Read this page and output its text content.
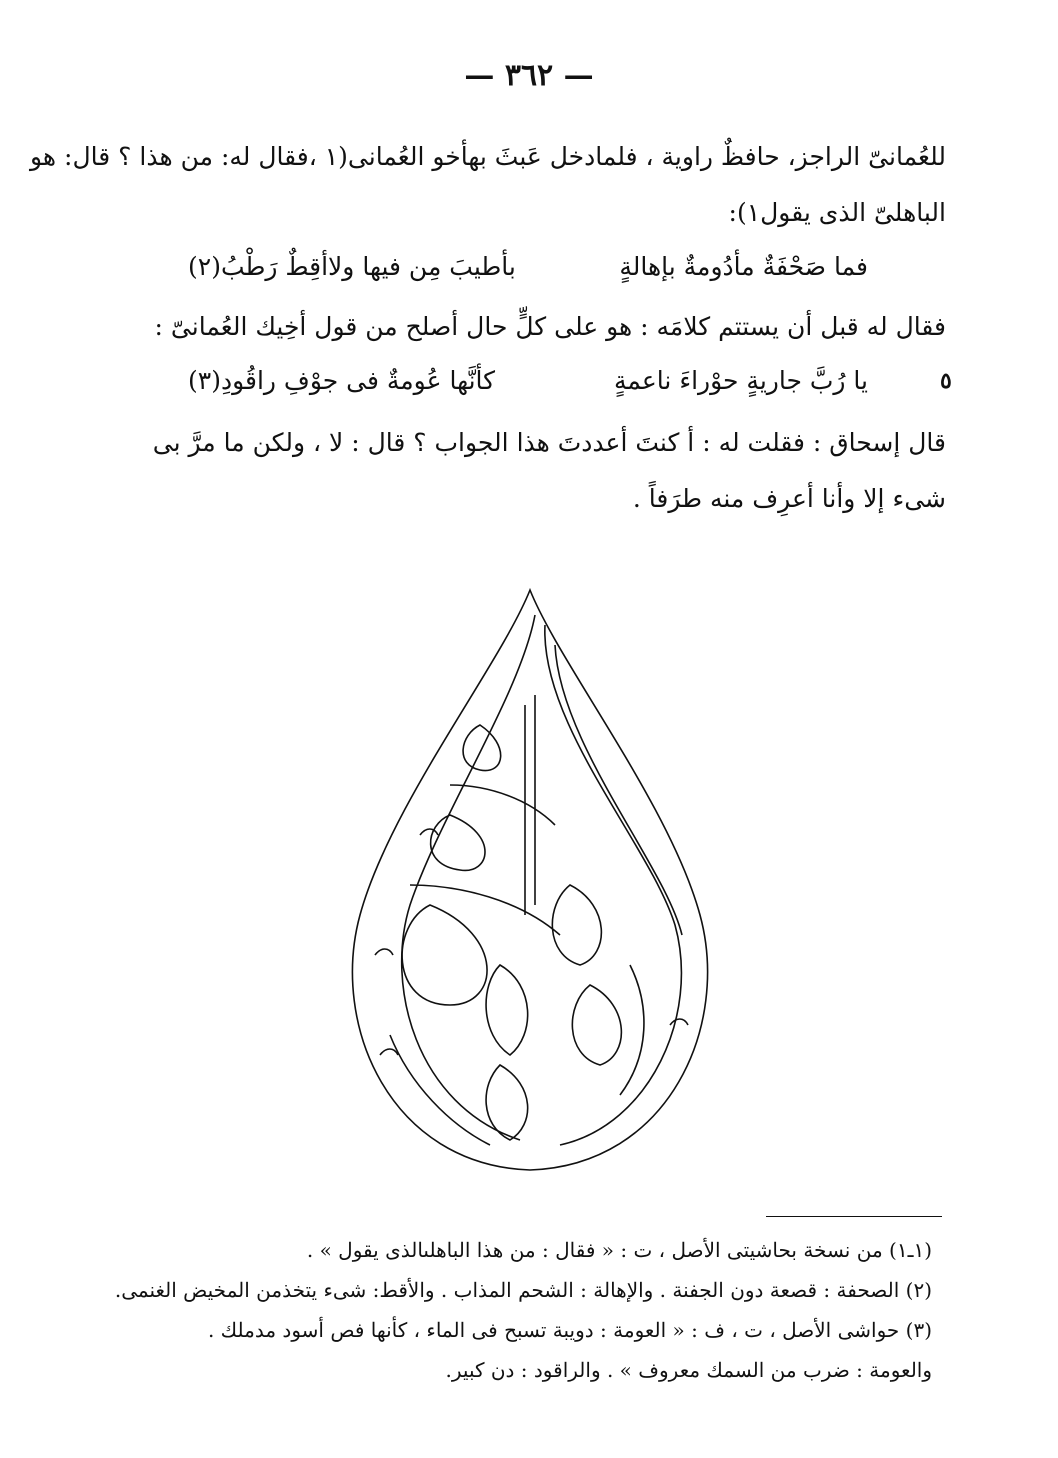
— ٣٦٢ —
للعُمانىّ الراجز، حافظٌ راوية ، فلمادخل عَبثَ بهأخو العُمانى(١ ،فقال له: من هذا ؟ قال: هو
الباهلىّ الذى يقول١):
فما صَحْفَةٌ مأدُومةٌ بإهالةٍ
بأطيبَ مِن فيها ولاأقِطٌ رَطْبُ(٢)
فقال له قبل أن يستتم كلامَه : هو على كلٍّ حال أصلح من قول أخِيك العُمانىّ :
يا رُبَّ جاريةٍ حوْراءَ ناعمةٍ
كأنَّها عُومةٌ فى جوْفِ راقُودِ(٣)	٥
قال إسحاق : فقلت له : أ كنتَ أعددتَ هذا الجواب ؟ قال : لا ، ولكن ما مرَّ بى
شىء إلا وأنا أعرِف منه طرَفاً .
(١ـ١) من نسخة بحاشيتى الأصل ، ت : « فقال : من هذا الباهلىالذى يقول » .
(٢) الصحفة : قصعة دون الجفنة . والإهالة : الشحم المذاب . والأقط: شىء يتخذمن المخيض الغنمى.
(٣) حواشى الأصل ، ت ، ف : « العومة : دويبة تسبح فى الماء ، كأنها فص أسود مدملك .
والعومة : ضرب من السمك معروف » . والراقود : دن كبير.
